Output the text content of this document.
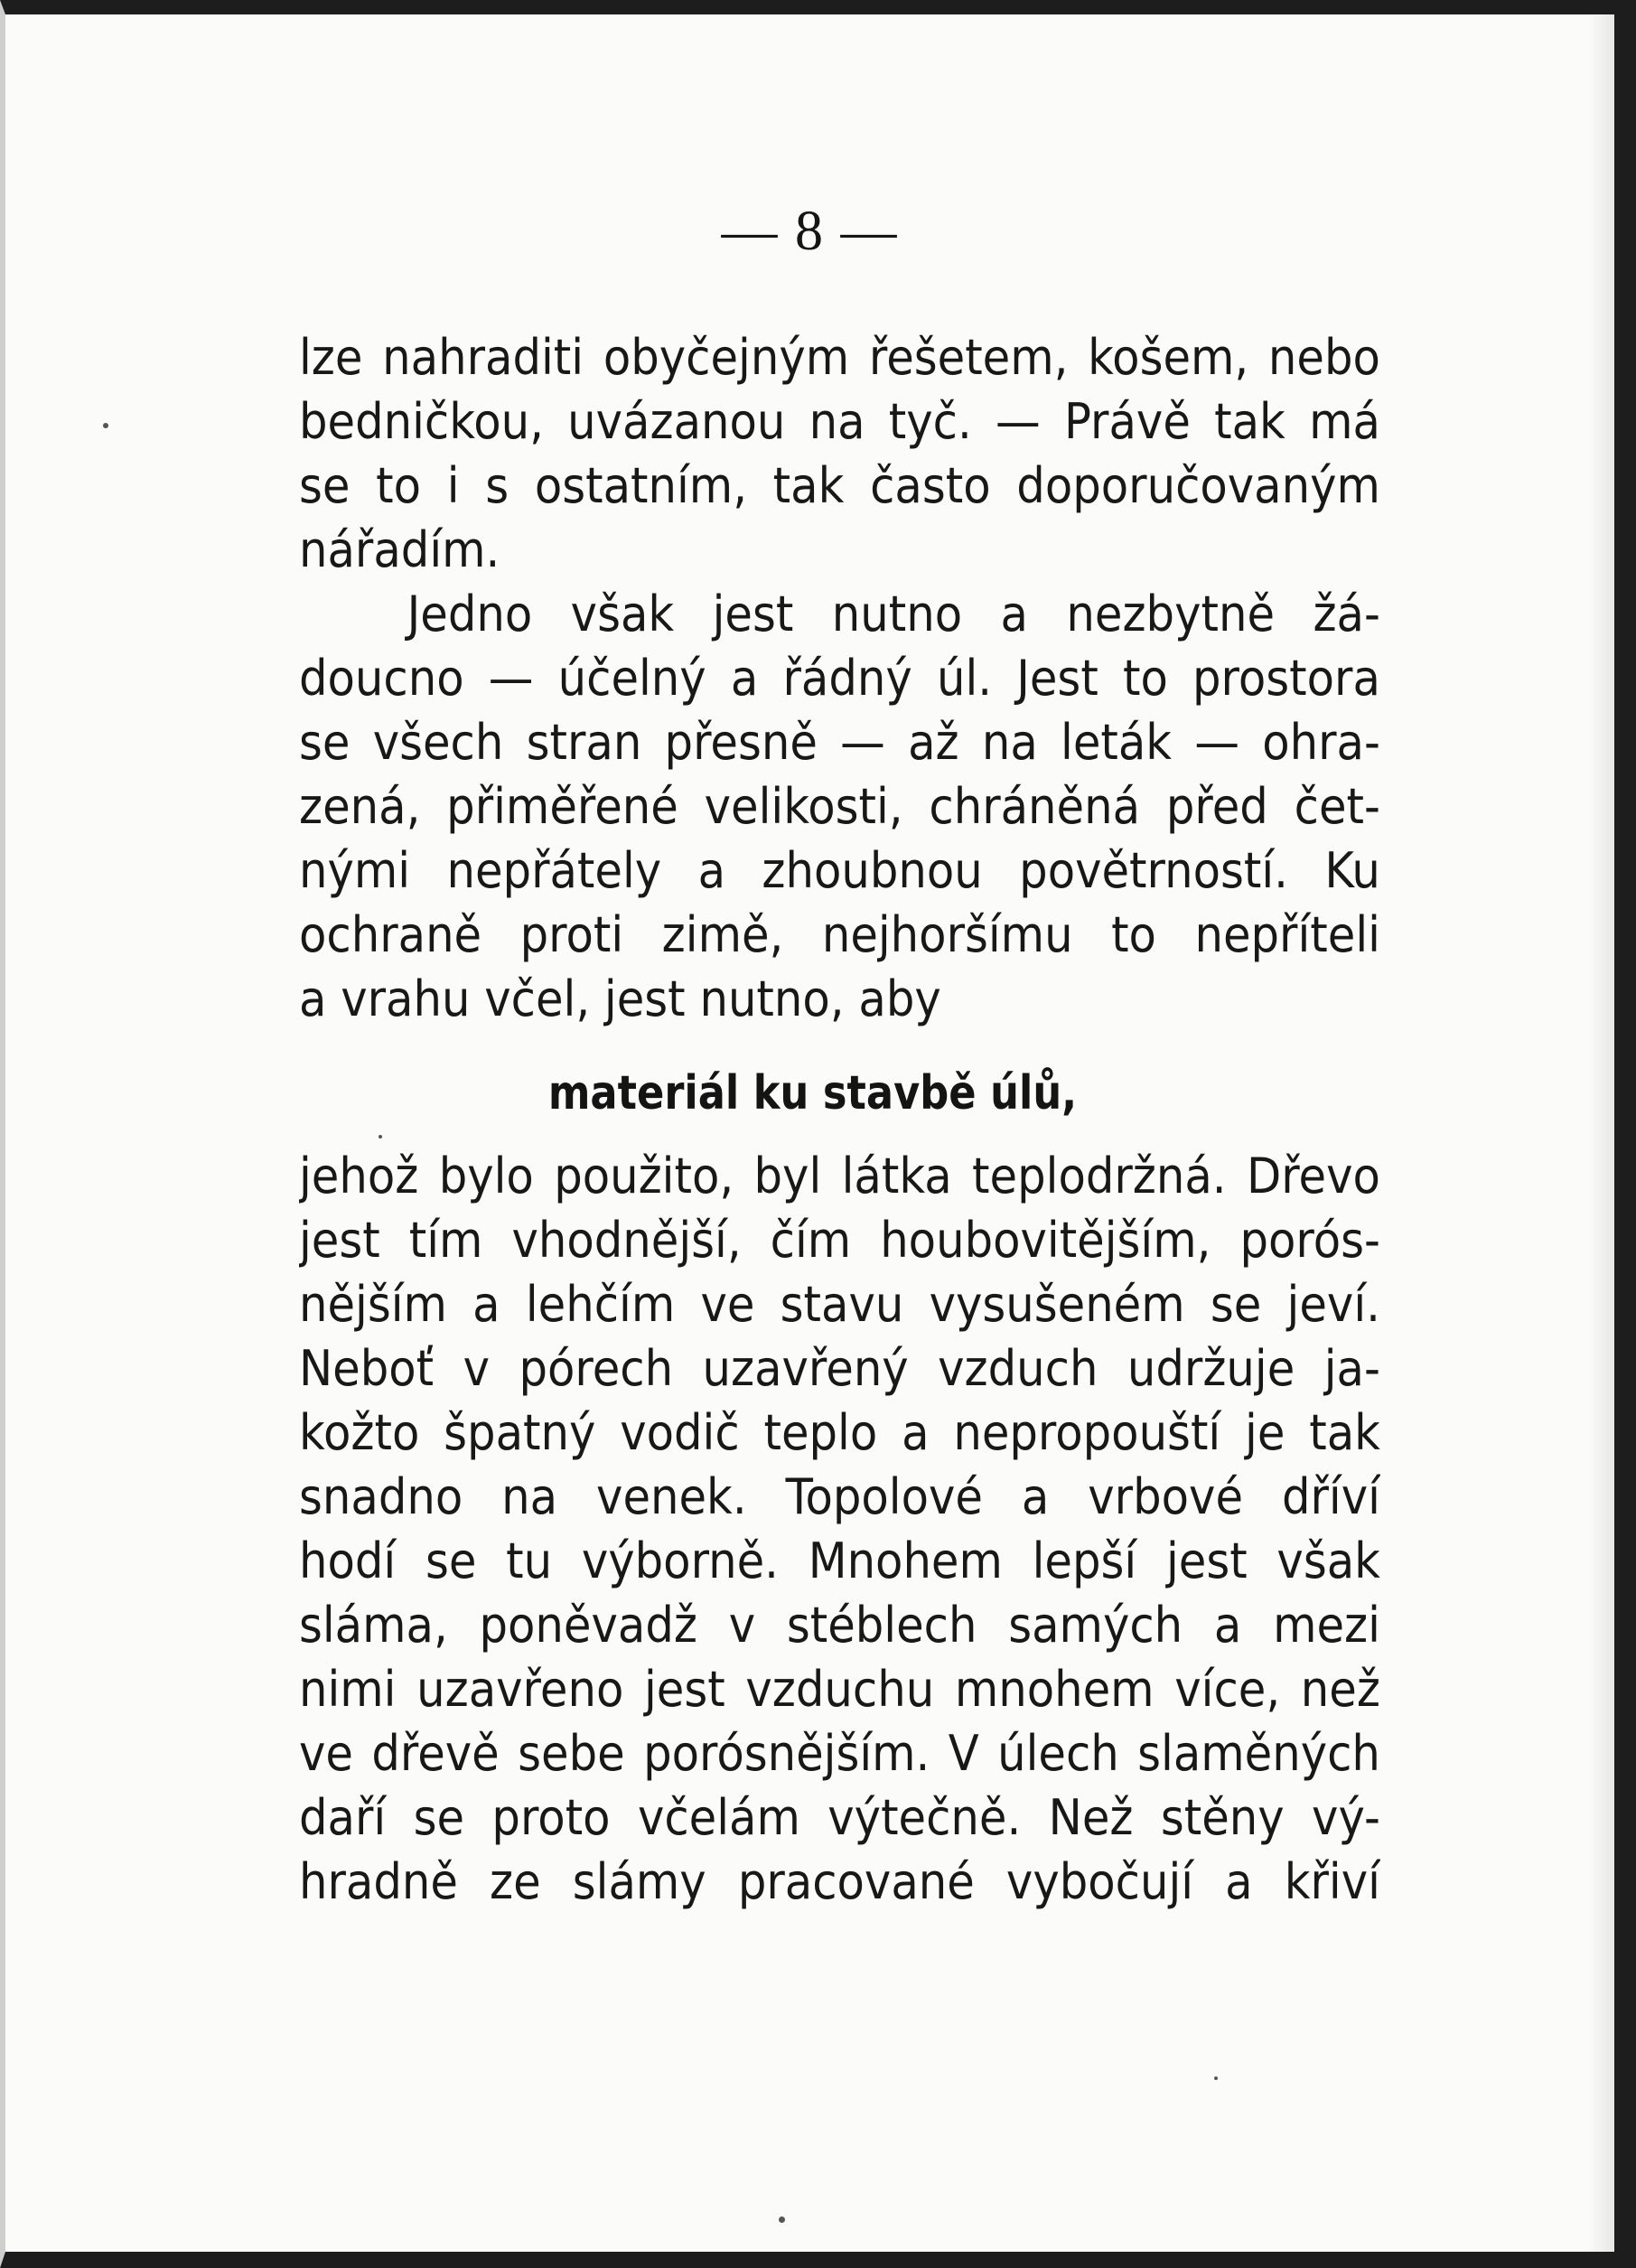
— 8 —
lze nahraditi obyčejným řešetem, košem, nebo
bedničkou, uvázanou na tyč. — Právě tak má
se to i s ostatním, tak často doporučovaným
nářadím.
Jedno však jest nutno a nezbytně žá-
doucno — účelný a řádný úl. Jest to prostora
se všech stran přesně — až na leták — ohra-
zená, přiměřené velikosti, chráněná před čet-
nými nepřátely a zhoubnou povětrností. Ku
ochraně proti zimě, nejhoršímu to nepříteli
a vrahu včel, jest nutno, aby
materiál ku stavbě úlů,
jehož bylo použito, byl látka teplodržná. Dřevo
jest tím vhodnější, čím houbovitějším, porós-
nějším a lehčím ve stavu vysušeném se jeví.
Neboť v pórech uzavřený vzduch udržuje ja-
kožto špatný vodič teplo a nepropouští je tak
snadno na venek. Topolové a vrbové dříví
hodí se tu výborně. Mnohem lepší jest však
sláma, poněvadž v stéblech samých a mezi
nimi uzavřeno jest vzduchu mnohem více, než
ve dřevě sebe porósnějším. V úlech slaměných
daří se proto včelám výtečně. Než stěny vý-
hradně ze slámy pracované vybočují a křiví
